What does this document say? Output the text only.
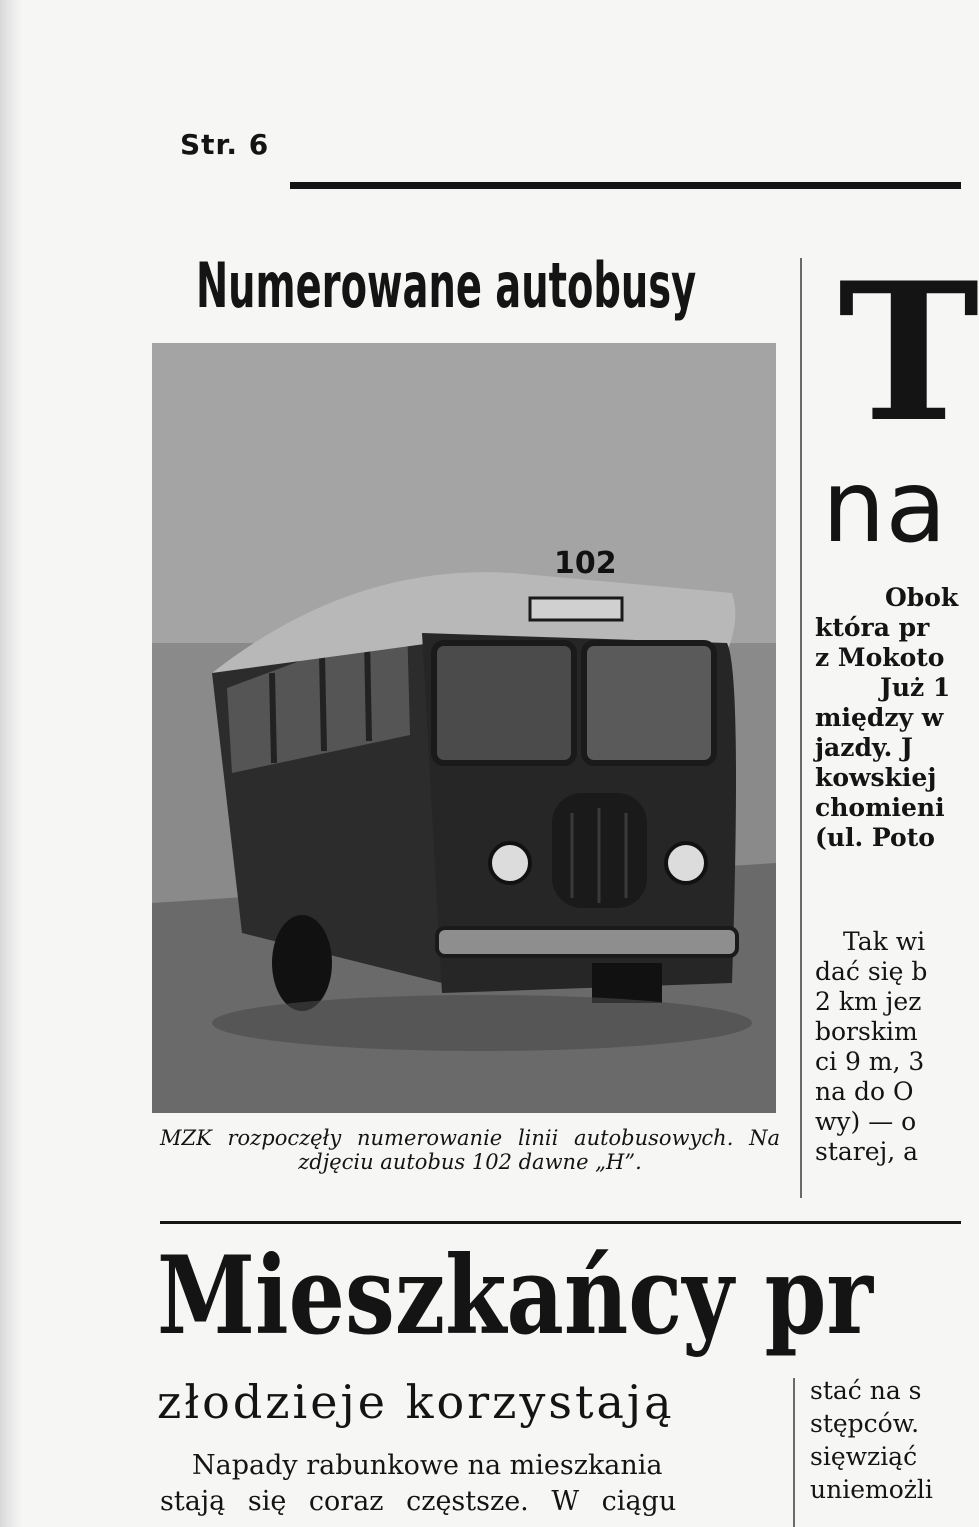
Str. 6
Numerowane autobusy
102
MZK rozpoczęły numerowanie linii autobusowych. Na zdjęciu autobus 102 dawne „H”.
T
na
Obok
która pr
z Mokoto
Już 1
między w
jazdy. J
kowskiej
chomieni
(ul. Poto
Tak wi
dać się b
2 km jez
borskim
ci 9 m, 3
na do O
wy) — o
starej, a
Mieszkańcy pr
złodzieje korzystają
Napady rabunkowe na mieszkania
stają się coraz częstsze. W ciągu
stać na s
stępców.
sięwziąć
uniemożli
